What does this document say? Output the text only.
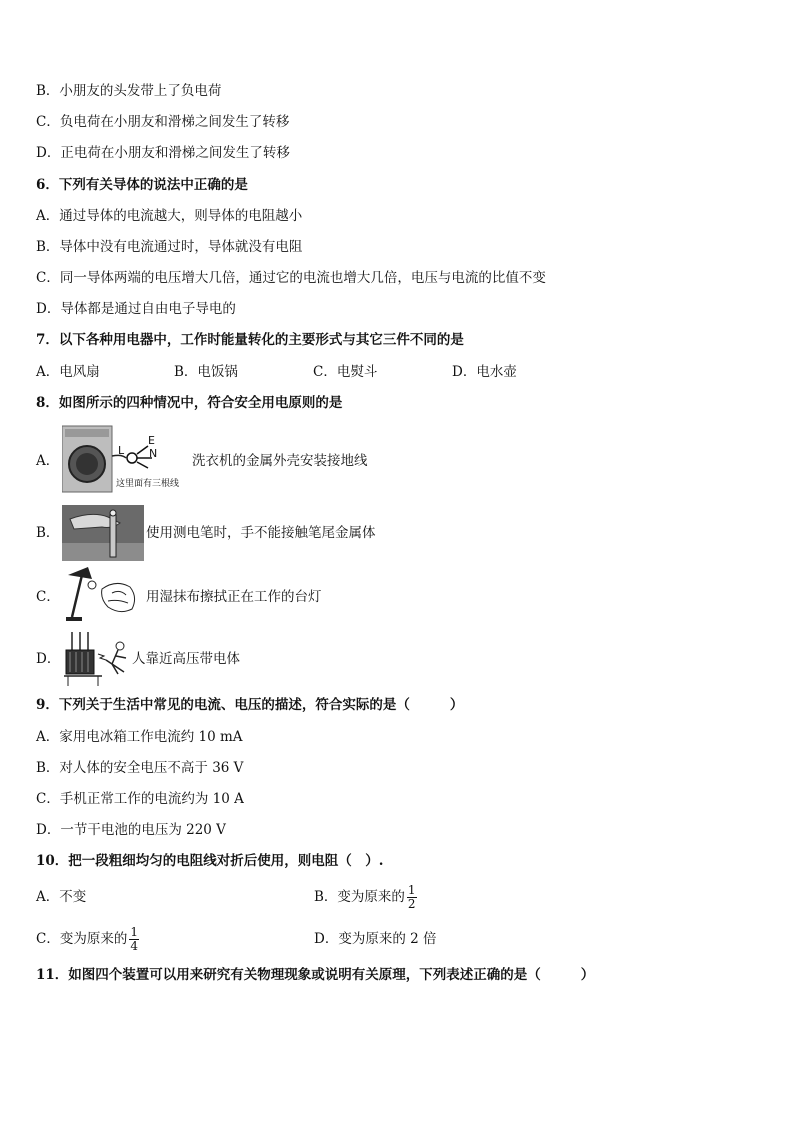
B．小朋友的头发带上了负电荷
C．负电荷在小朋友和滑梯之间发生了转移
D．正电荷在小朋友和滑梯之间发生了转移
6．下列有关导体的说法中正确的是
A．通过导体的电流越大，则导体的电阻越小
B．导体中没有电流通过时，导体就没有电阻
C．同一导体两端的电压增大几倍，通过它的电流也增大几倍，电压与电流的比值不变
D．导体都是通过自由电子导电的
7．以下各种用电器中，工作时能量转化的主要形式与其它三件不同的是
A．电风扇	B．电饭锅	C．电熨斗	D．电水壶
8．如图所示的四种情况中，符合安全用电原则的是
A．
L
E
N
这里面有三根线
洗衣机的金属外壳安装接地线
B．	使用测电笔时，手不能接触笔尾金属体
C．	用湿抹布擦拭正在工作的台灯
D．	人靠近高压带电体
9．下列关于生活中常见的电流、电压的描述，符合实际的是（	）
A．家用电冰箱工作电流约 10 mA
B．对人体的安全电压不高于 36 V
C．手机正常工作的电流约为 10 A
D．一节干电池的电压为 220 V
10．把一段粗细均匀的电阻线对折后使用，则电阻（　）.
A．不变	B．变为原来的 $\frac{1}{2}$
C．变为原来的 $\frac{1}{4}$	D．变为原来的 2 倍
11．如图四个装置可以用来研究有关物理现象或说明有关原理，下列表述正确的是（	）
